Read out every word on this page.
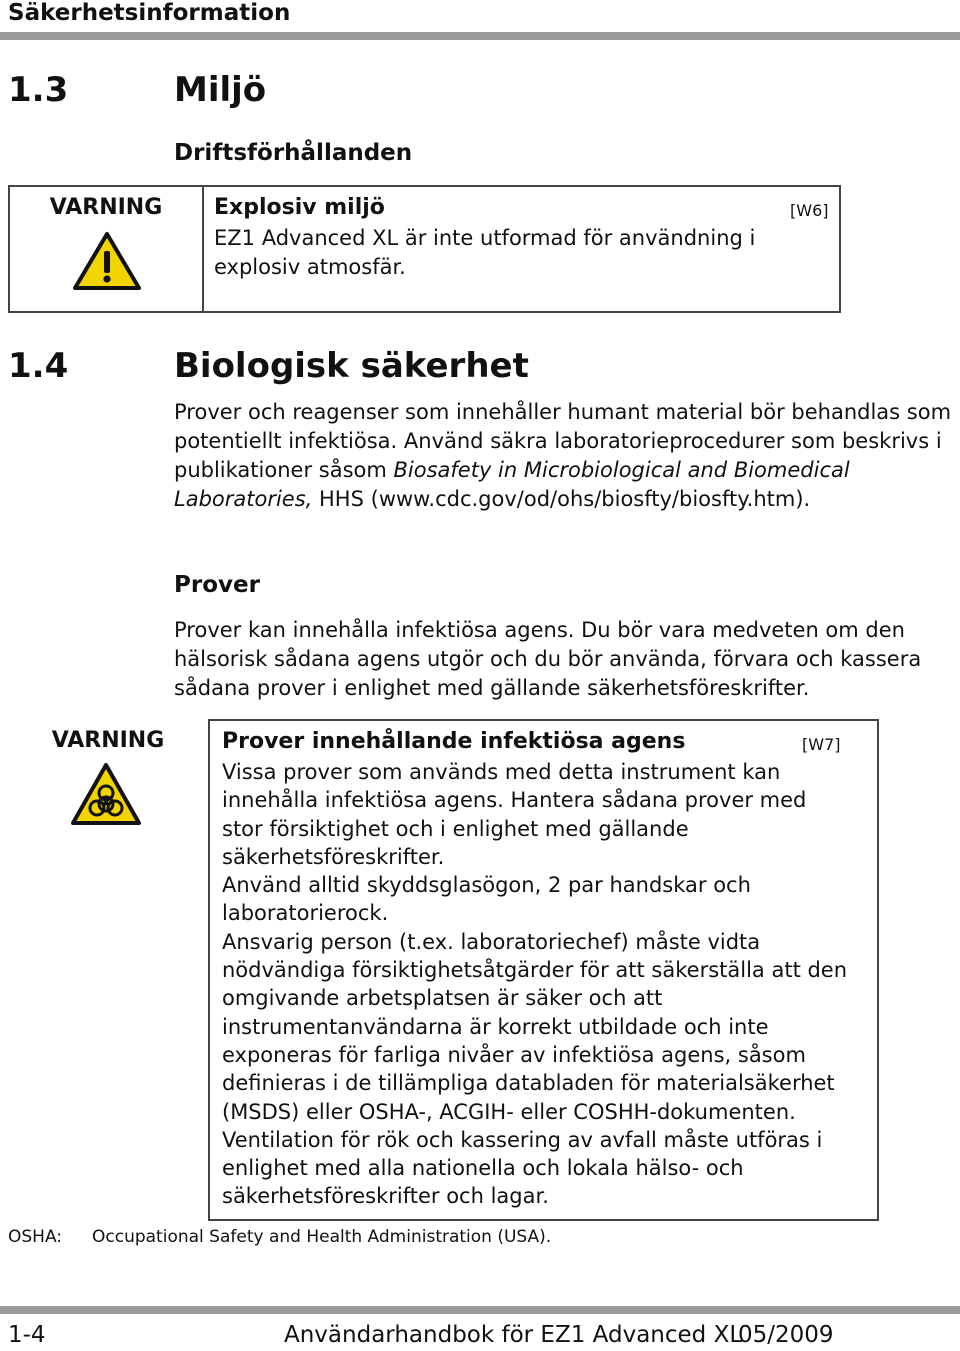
Säkerhetsinformation
1.3	Miljö
Driftsförhållanden
VARNING	Explosiv miljö	[W6]
EZ1 Advanced XL är inte utformad för användning i
explosiv atmosfär.
1.4	Biologisk säkerhet

Prover och reagenser som innehåller humant material bör behandlas som potentiellt infektiösa. Använd säkra laboratorieprocedurer som beskrivs i publikationer såsom Biosafety in Microbiological and Biomedical Laboratories, HHS (www.cdc.gov/od/ohs/biosfty/biosfty.htm).

Prover

Prover kan innehålla infektiösa agens. Du bör vara medveten om den hälsorisk sådana agens utgör och du bör använda, förvara och kassera sådana prover i enlighet med gällande säkerhetsföreskrifter.

VARNING	Prover innehållande infektiösa agens	[W7]
Vissa prover som används med detta instrument kan
innehålla infektiösa agens. Hantera sådana prover med
stor försiktighet och i enlighet med gällande
säkerhetsföreskrifter.
Använd alltid skyddsglasögon, 2 par handskar och
laboratorierock.
Ansvarig person (t.ex. laboratoriechef) måste vidta
nödvändiga försiktighetsåtgärder för att säkerställa att den
omgivande arbetsplatsen är säker och att
instrumentanvändarna är korrekt utbildade och inte
exponeras för farliga nivåer av infektiösa agens, såsom
definieras i de tillämpliga databladen för materialsäkerhet
(MSDS) eller OSHA-, ACGIH- eller COSHH-dokumenten.
Ventilation för rök och kassering av avfall måste utföras i
enlighet med alla nationella och lokala hälso- och
säkerhetsföreskrifter och lagar.
OSHA: Occupational Safety and Health Administration (USA).
1-4	Användarhandbok för EZ1 Advanced XL
05/2009
